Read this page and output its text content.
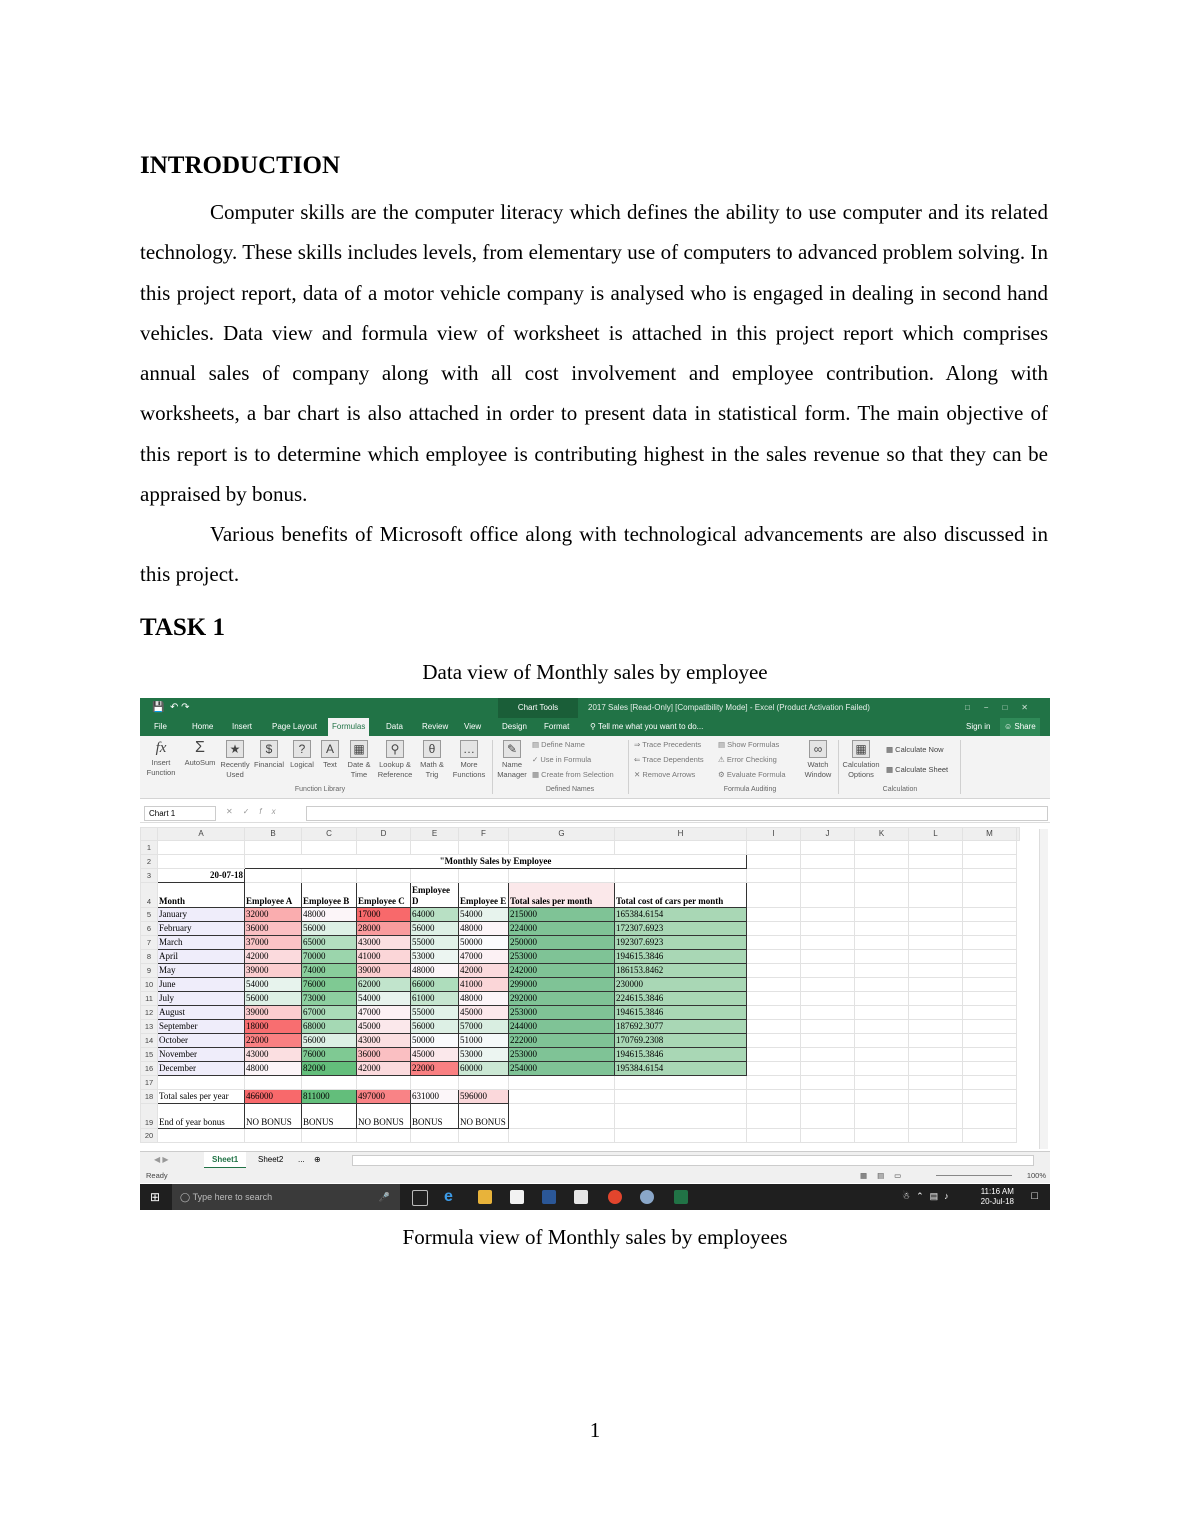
INTRODUCTION

Computer skills are the computer literacy which defines the ability to use computer and its related technology. These skills includes levels, from elementary use of computers to advanced problem solving. In this project report, data of a motor vehicle company is analysed who is engaged in dealing in second hand vehicles. Data view and formula view of worksheet is attached in this project report which comprises annual sales of company along with all cost involvement and employee contribution. Along with worksheets, a bar chart is also attached in order to present data in statistical form. The main objective of this report is to determine which employee is contributing highest in the sales revenue so that they can be appraised by bonus.

Various benefits of Microsoft office along with technological advancements are also discussed in this project.

TASK 1

Data view of Monthly sales by employee

💾  ↶ ↷	Chart Tools	2017 Sales [Read-Only] [Compatibility Mode] - Excel (Product Activation Failed)	□−□✕
File	Home	Insert	Page Layout	Formulas	Data	Review	View	Design	Format	⚲ Tell me what you want to do...	Sign in	☺ Share
fx
Insert Function
Σ
AutoSum
★
Recently Used
$
Financial
?
Logical
A
Text
▦
Date & Time
⚲
Lookup & Reference
θ
Math & Trig
…
More Functions
Function Library
✎
Name Manager
▤ Define Name
✓ Use in Formula
▦ Create from Selection
Defined Names
⇒ Trace Precedents
⇐ Trace Dependents
✕ Remove Arrows
▤ Show Formulas
⚠ Error Checking
⚙ Evaluate Formula
Formula Auditing
∞
Watch Window
▦
Calculation Options
▦ Calculate Now
▦ Calculate Sheet
Calculation
Chart 1	✕✓fx
	A	B	C	D	E	F	G	H	I	J	K	L	M	
1														
2		"Monthly Sales by Employee												
3	20-07-18													
4	Month	Employee A	Employee B	Employee C	Employee D	Employee E	Total sales per month	Total cost of cars per month						
5	January	32000	48000	17000	64000	54000	215000	165384.6154						
6	February	36000	56000	28000	56000	48000	224000	172307.6923						
7	March	37000	65000	43000	55000	50000	250000	192307.6923						
8	April	42000	70000	41000	53000	47000	253000	194615.3846						
9	May	39000	74000	39000	48000	42000	242000	186153.8462						
10	June	54000	76000	62000	66000	41000	299000	230000						
11	July	56000	73000	54000	61000	48000	292000	224615.3846						
12	August	39000	67000	47000	55000	45000	253000	194615.3846						
13	September	18000	68000	45000	56000	57000	244000	187692.3077						
14	October	22000	56000	43000	50000	51000	222000	170769.2308						
15	November	43000	76000	36000	45000	53000	253000	194615.3846						
16	December	48000	82000	42000	22000	60000	254000	195384.6154						
17														
18	Total sales per year	466000	811000	497000	631000	596000								
19	End of year bonus	NO BONUS	BONUS	NO BONUS	BONUS	NO BONUS								
20														
◀ ▶	Sheet1	Sheet2	...	⊕
Ready	▦▤▭	100%
⊞	◯ Type here to search	🎤	e	☃⌃▤♪	11:16 AM
20-Jul-18 □

Formula view of Monthly sales by employees

1
